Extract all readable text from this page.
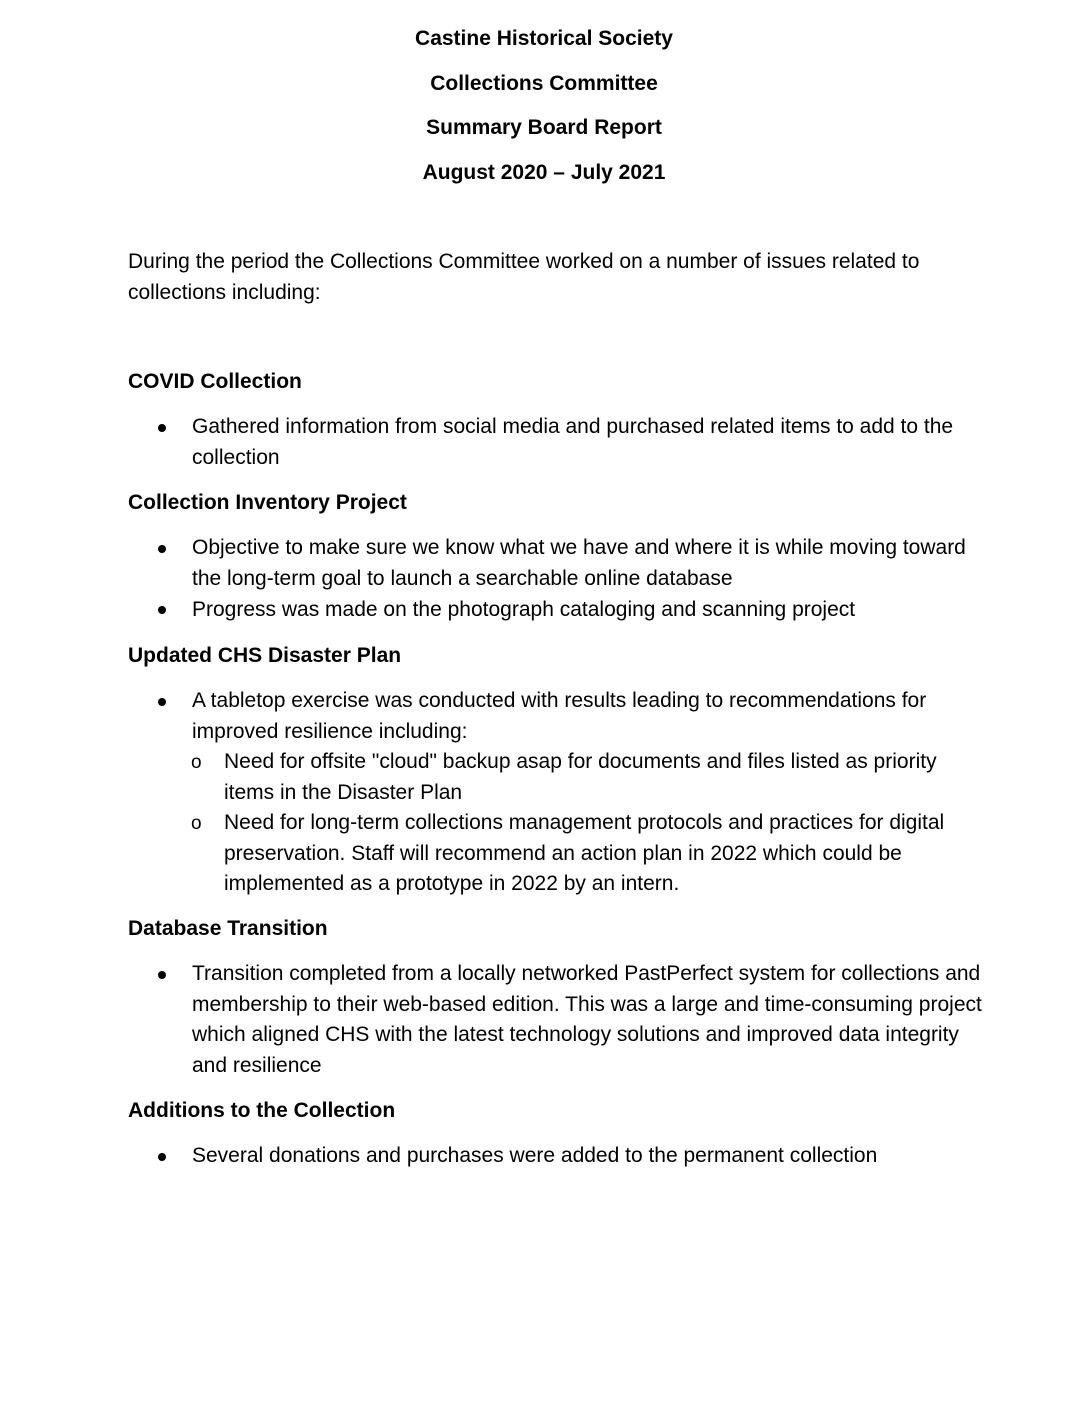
Castine Historical Society
Collections Committee
Summary Board Report
August 2020 – July 2021
During the period the Collections Committee worked on a number of issues related to collections including:
COVID Collection
Gathered information from social media and purchased related items to add to the collection
Collection Inventory Project
Objective to make sure we know what we have and where it is while moving toward the long-term goal to launch a searchable online database
Progress was made on the photograph cataloging and scanning project
Updated CHS Disaster Plan
A tabletop exercise was conducted with results leading to recommendations for improved resilience including:
o Need for offsite "cloud" backup asap for documents and files listed as priority items in the Disaster Plan
o Need for long-term collections management protocols and practices for digital preservation. Staff will recommend an action plan in 2022 which could be implemented as a prototype in 2022 by an intern.
Database Transition
Transition completed from a locally networked PastPerfect system for collections and membership to their web-based edition. This was a large and time-consuming project which aligned CHS with the latest technology solutions and improved data integrity and resilience
Additions to the Collection
Several donations and purchases were added to the permanent collection
